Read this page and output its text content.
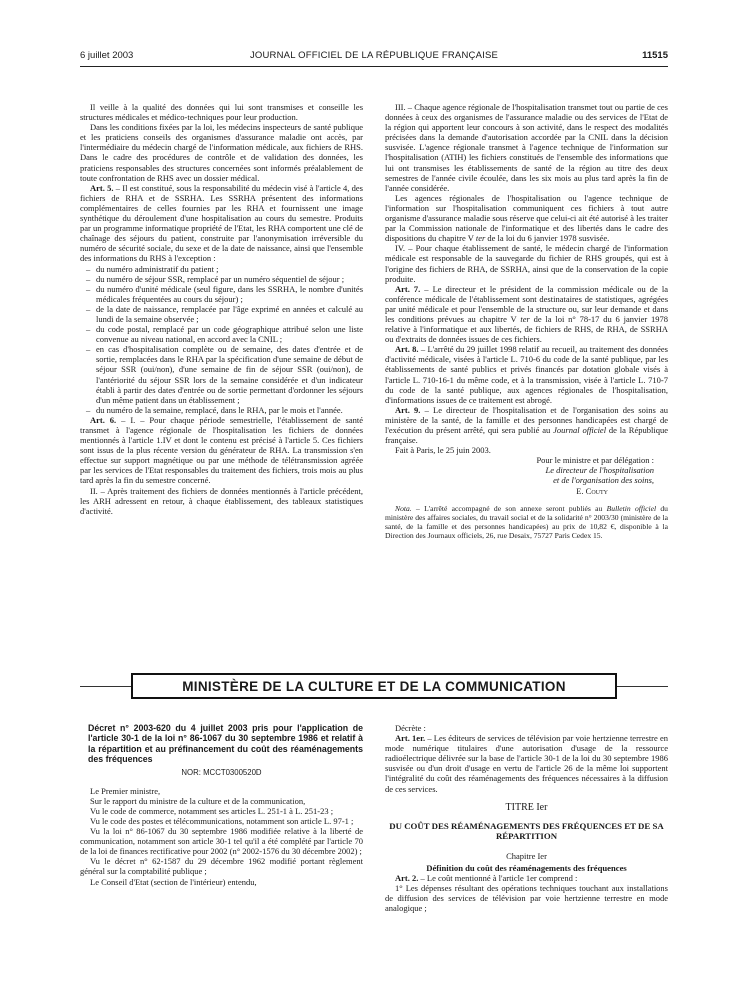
6 juillet 2003	JOURNAL OFFICIEL DE LA RÉPUBLIQUE FRANÇAISE	11515

Il veille à la qualité des données qui lui sont transmises et conseille les structures médicales et médico-techniques pour leur production.

Dans les conditions fixées par la loi, les médecins inspecteurs de santé publique et les praticiens conseils des organismes d'assurance maladie ont accès, par l'intermédiaire du médecin chargé de l'information médicale, aux fichiers de RHS. Dans le cadre des procédures de contrôle et de validation des données, les praticiens responsables des structures concernées sont informés préalablement de toute confrontation de RHS avec un dossier médical.

Art. 5. – Il est constitué, sous la responsabilité du médecin visé à l'article 4, des fichiers de RHA et de SSRHA. Les SSRHA présentent des informations complémentaires de celles fournies par les RHA et fournissent une image synthétique du déroulement d'une hospitalisation au cours du semestre. Produits par un programme informatique propriété de l'Etat, les RHA comportent une clé de chaînage des séjours du patient, construite par l'anonymisation irréversible du numéro de sécurité sociale, du sexe et de la date de naissance, ainsi que l'ensemble des informations du RHS à l'exception :

– du numéro administratif du patient ;

– du numéro de séjour SSR, remplacé par un numéro séquentiel de séjour ;

– du numéro d'unité médicale (seul figure, dans les SSRHA, le nombre d'unités médicales fréquentées au cours du séjour) ;

– de la date de naissance, remplacée par l'âge exprimé en années et calculé au lundi de la semaine observée ;

– du code postal, remplacé par un code géographique attribué selon une liste convenue au niveau national, en accord avec la CNIL ;

– en cas d'hospitalisation complète ou de semaine, des dates d'entrée et de sortie, remplacées dans le RHA par la spécification d'une semaine de début de séjour SSR (oui/non), d'une semaine de fin de séjour SSR (oui/non), de l'antériorité du séjour SSR lors de la semaine considérée et d'un indicateur établi à partir des dates d'entrée ou de sortie permettant d'ordonner les séjours d'un même patient dans un établissement ;

– du numéro de la semaine, remplacé, dans le RHA, par le mois et l'année.

Art. 6. – I. – Pour chaque période semestrielle, l'établissement de santé transmet à l'agence régionale de l'hospitalisation les fichiers de données mentionnés à l'article 1.IV et dont le contenu est précisé à l'article 5. Ces fichiers sont issus de la plus récente version du générateur de RHA. La transmission s'en effectue sur support magnétique ou par une méthode de télétransmission agréée par les services de l'Etat responsables du traitement des fichiers, trois mois au plus tard après la fin du semestre concerné.

II. – Après traitement des fichiers de données mentionnés à l'article précédent, les ARH adressent en retour, à chaque établissement, des tableaux statistiques d'activité.

III. – Chaque agence régionale de l'hospitalisation transmet tout ou partie de ces données à ceux des organismes de l'assurance maladie ou des services de l'Etat de la région qui apportent leur concours à son activité, dans le respect des modalités précisées dans la demande d'autorisation accordée par la CNIL dans la décision susvisée. L'agence régionale transmet à l'agence technique de l'information sur l'hospitalisation (ATIH) les fichiers constitués de l'ensemble des informations que lui ont transmises les établissements de santé de la région au titre des deux semestres de l'année civile écoulée, dans les six mois au plus tard après la fin de l'année considérée.

Les agences régionales de l'hospitalisation ou l'agence technique de l'information sur l'hospitalisation communiquent ces fichiers à tout autre organisme d'assurance maladie sous réserve que celui-ci ait été autorisé à les traiter par la Commission nationale de l'informatique et des libertés dans le cadre des dispositions du chapitre V ter de la loi du 6 janvier 1978 susvisée.

IV. – Pour chaque établissement de santé, le médecin chargé de l'information médicale est responsable de la sauvegarde du fichier de RHS groupés, qui est à l'origine des fichiers de RHA, de SSRHA, ainsi que de la conservation de la copie produite.

Art. 7. – Le directeur et le président de la commission médicale ou de la conférence médicale de l'établissement sont destinataires de statistiques, agrégées par unité médicale et pour l'ensemble de la structure ou, sur leur demande et dans les conditions prévues au chapitre V ter de la loi n° 78-17 du 6 janvier 1978 relative à l'informatique et aux libertés, de fichiers de RHS, de RHA, de SSRHA ou d'extraits de données issues de ces fichiers.

Art. 8. – L'arrêté du 29 juillet 1998 relatif au recueil, au traitement des données d'activité médicale, visées à l'article L. 710-6 du code de la santé publique, par les établissements de santé publics et privés financés par dotation globale visés à l'article L. 710-16-1 du même code, et à la transmission, visée à l'article L. 710-7 du code de la santé publique, aux agences régionales de l'hospitalisation, d'informations issues de ce traitement est abrogé.

Art. 9. – Le directeur de l'hospitalisation et de l'organisation des soins au ministère de la santé, de la famille et des personnes handicapées est chargé de l'exécution du présent arrêté, qui sera publié au Journal officiel de la République française.

Fait à Paris, le 25 juin 2003.

Pour le ministre et par délégation :

Le directeur de l'hospitalisation

et de l'organisation des soins,

E. Couty

Nota. – L'arrêté accompagné de son annexe seront publiés au Bulletin officiel du ministère des affaires sociales, du travail social et de la solidarité n° 2003/30 (ministère de la santé, de la famille et des personnes handicapées) au prix de 10,82 €, disponible à la Direction des Journaux officiels, 26, rue Desaix, 75727 Paris Cedex 15.

MINISTÈRE DE LA CULTURE ET DE LA COMMUNICATION
Décret n° 2003-620 du 4 juillet 2003 pris pour l'application de l'article 30-1 de la loi n° 86-1067 du 30 septembre 1986 et relatif à la répartition et au préfinancement du coût des réaménagements des fréquences
NOR: MCCT0300520D

Le Premier ministre,

Sur le rapport du ministre de la culture et de la communication,

Vu le code de commerce, notamment ses articles L. 251-1 à L. 251-23 ;

Vu le code des postes et télécommunications, notamment son article L. 97-1 ;

Vu la loi n° 86-1067 du 30 septembre 1986 modifiée relative à la liberté de communication, notamment son article 30-1 tel qu'il a été complété par l'article 70 de la loi de finances rectificative pour 2002 (n° 2002-1576 du 30 décembre 2002) ;

Vu le décret n° 62-1587 du 29 décembre 1962 modifié portant règlement général sur la comptabilité publique ;

Le Conseil d'Etat (section de l'intérieur) entendu,

Décrète :

Art. 1er. – Les éditeurs de services de télévision par voie hertzienne terrestre en mode numérique titulaires d'une autorisation d'usage de la ressource radioélectrique délivrée sur la base de l'article 30-1 de la loi du 30 septembre 1986 susvisée ou d'un droit d'usage en vertu de l'article 26 de la même loi supportent l'intégralité du coût des réaménagements des fréquences nécessaires à la diffusion de ces services.

TITRE Ier
DU COÛT DES RÉAMÉNAGEMENTS DES FRÉQUENCES ET DE SA RÉPARTITION
Chapitre Ier
Définition du coût des réaménagements des fréquences

Art. 2. – Le coût mentionné à l'article 1er comprend :

1° Les dépenses résultant des opérations techniques touchant aux installations de diffusion des services de télévision par voie hertzienne terrestre en mode analogique ;
